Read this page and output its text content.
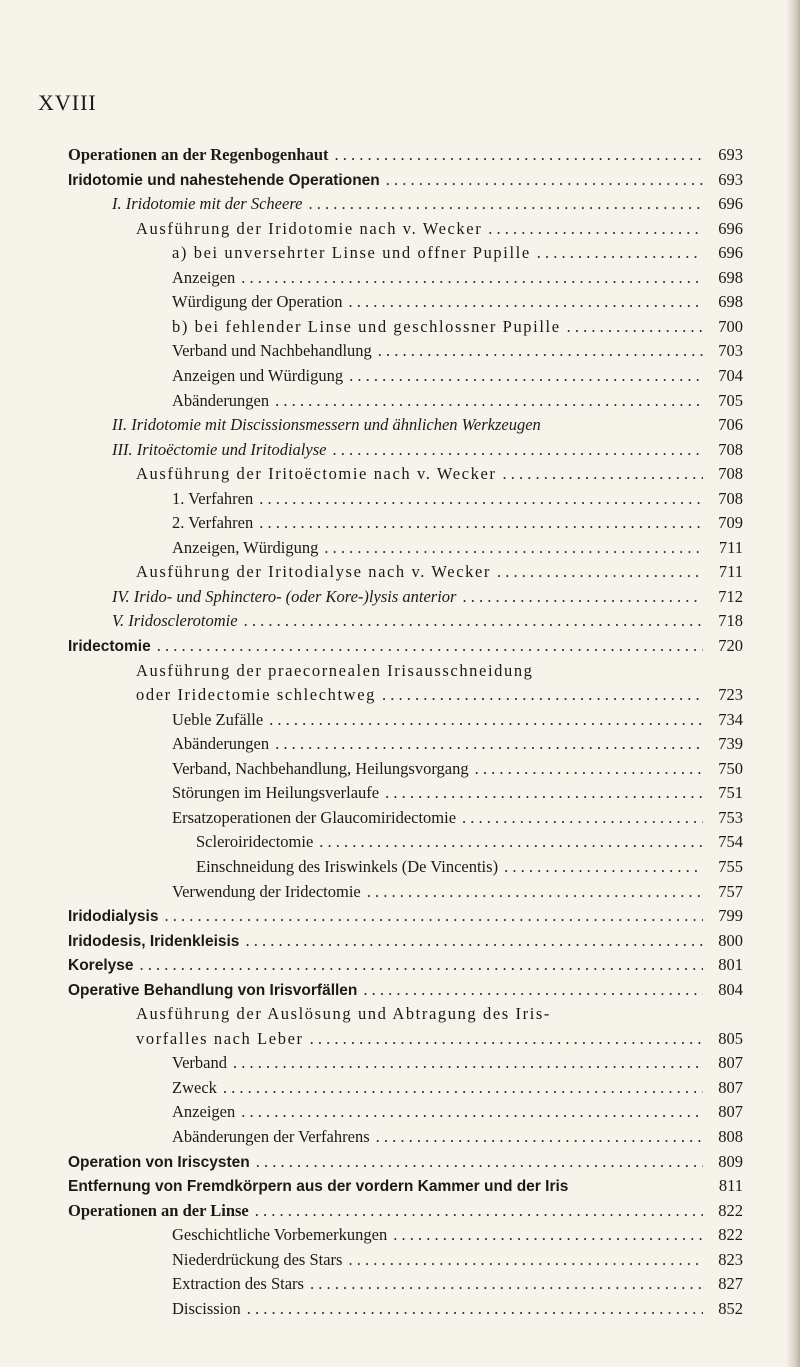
XVIII
Operationen an der Regenbogenhaut . . .	693
Iridotomie und nahestehende Operationen . . .	693
I. Iridotomie mit der Scheere . . .	696
Ausführung der Iridotomie nach v. Wecker . . .	696
a) bei unversehrter Linse und offner Pupille . . .	696
Anzeigen . . .	698
Würdigung der Operation . . .	698
b) bei fehlender Linse und geschlossner Pupille . . .	700
Verband und Nachbehandlung . . .	703
Anzeigen und Würdigung . . .	704
Abänderungen . . .	705
II. Iridotomie mit Discissionsmessern und ähnlichen Werkzeugen	706
III. Iritoëctomie und Iritodialyse . . .	708
Ausführung der Iritoëctomie nach v. Wecker . . .	708
1. Verfahren . . .	708
2. Verfahren . . .	709
Anzeigen, Würdigung . . .	711
Ausführung der Iritodialyse nach v. Wecker . . .	711
IV. Irido- und Sphinctero- (oder Kore-)lysis anterior . . .	712
V. Iridosclerotomie . . .	718
Iridectomie . . .	720
Ausführung der praecornealen Irisausschneidung
oder Iridectomie schlechtweg . . .	723
Ueble Zufälle . . .	734
Abänderungen . . .	739
Verband, Nachbehandlung, Heilungsvorgang . . .	750
Störungen im Heilungsverlaufe . . .	751
Ersatzoperationen der Glaucomiridectomie . . .	753
Scleroiridectomie . . .	754
Einschneidung des Iriswinkels (De Vincentis) . . .	755
Verwendung der Iridectomie . . .	757
Iridodialysis . . .	799
Iridodesis, Iridenkleisis . . .	800
Korelyse . . .	801
Operative Behandlung von Irisvorfällen . . .	804
Ausführung der Auslösung und Abtragung des Iris-
vorfalles nach Leber . . .	805
Verband . . .	807
Zweck . . .	807
Anzeigen . . .	807
Abänderungen der Verfahrens . . .	808
Operation von Iriscysten . . .	809
Entfernung von Fremdkörpern aus der vordern Kammer und der Iris	811
Operationen an der Linse . . .	822
Geschichtliche Vorbemerkungen . . .	822
Niederdrückung des Stars . . .	823
Extraction des Stars . . .	827
Discission . . .	852
